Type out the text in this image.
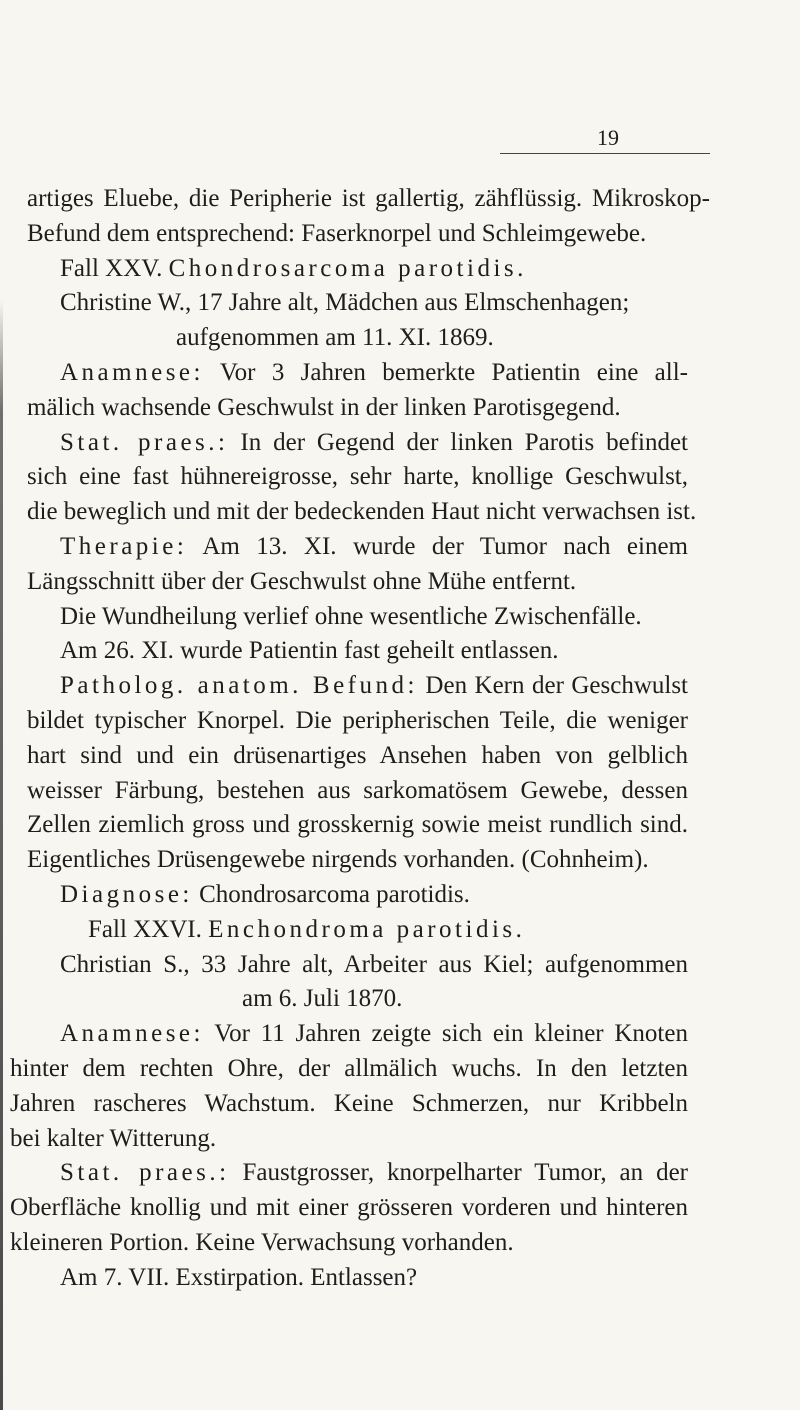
19
artiges Eluebe, die Peripherie ist gallertig, zähflüssig. Mikroskop-
Befund dem entsprechend: Faserknorpel und Schleimgewebe.
Fall XXV. Chondrosarcoma parotidis.
Christine W., 17 Jahre alt, Mädchen aus Elmschenhagen;
aufgenommen am 11. XI. 1869.
Anamnese: Vor 3 Jahren bemerkte Patientin eine all-
mälich wachsende Geschwulst in der linken Parotisgegend.
Stat. praes.: In der Gegend der linken Parotis befindet
sich eine fast hühnereigrosse, sehr harte, knollige Geschwulst,
die beweglich und mit der bedeckenden Haut nicht verwachsen ist.
Therapie: Am 13. XI. wurde der Tumor nach einem
Längsschnitt über der Geschwulst ohne Mühe entfernt.
Die Wundheilung verlief ohne wesentliche Zwischenfälle.
Am 26. XI. wurde Patientin fast geheilt entlassen.
Patholog. anatom. Befund: Den Kern der Geschwulst
bildet typischer Knorpel. Die peripherischen Teile, die weniger
hart sind und ein drüsenartiges Ansehen haben von gelblich
weisser Färbung, bestehen aus sarkomatösem Gewebe, dessen
Zellen ziemlich gross und grosskernig sowie meist rundlich sind.
Eigentliches Drüsengewebe nirgends vorhanden. (Cohnheim).
Diagnose: Chondrosarcoma parotidis.
Fall XXVI. Enchondroma parotidis.
Christian S., 33 Jahre alt, Arbeiter aus Kiel; aufgenommen
am 6. Juli 1870.
Anamnese: Vor 11 Jahren zeigte sich ein kleiner Knoten
hinter dem rechten Ohre, der allmälich wuchs. In den letzten
Jahren rascheres Wachstum. Keine Schmerzen, nur Kribbeln
bei kalter Witterung.
Stat. praes.: Faustgrosser, knorpelharter Tumor, an der
Oberfläche knollig und mit einer grösseren vorderen und hinteren
kleineren Portion. Keine Verwachsung vorhanden.
Am 7. VII. Exstirpation. Entlassen?
